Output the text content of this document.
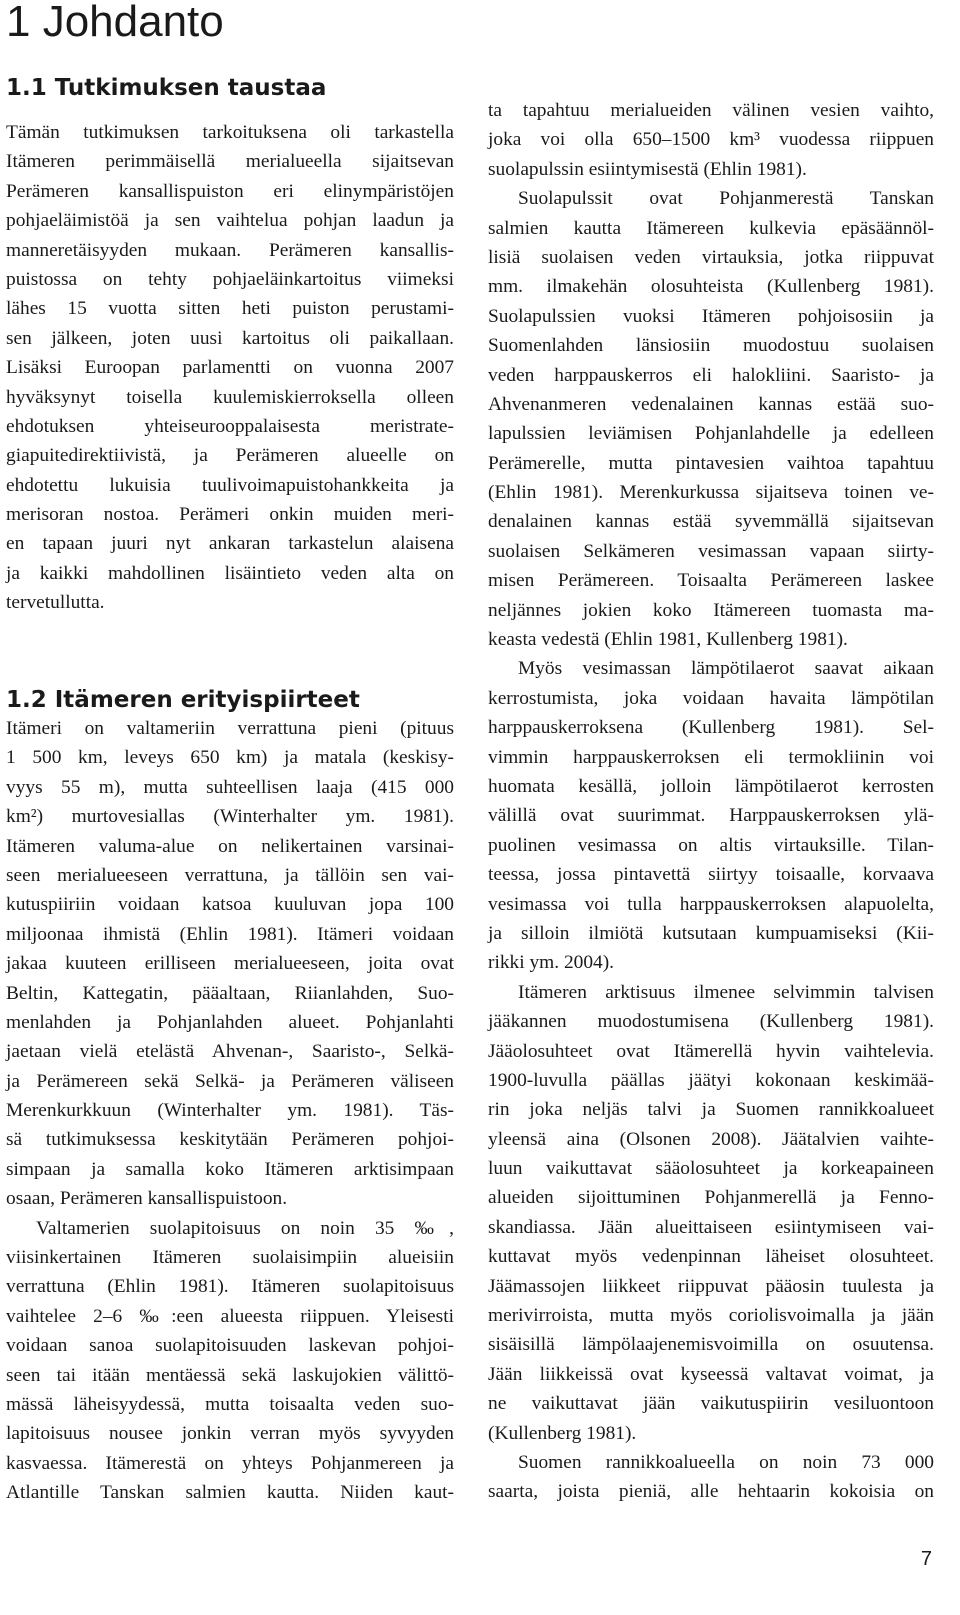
1 Johdanto
1.1 Tutkimuksen taustaa
Tämän tutkimuksen tarkoituksena oli tarkastella
Itämeren perimmäisellä merialueella sijaitsevan
Perämeren kansallispuiston eri elinympäristöjen
pohjaeläimistöä ja sen vaihtelua pohjan laadun ja
manneretäisyyden mukaan. Perämeren kansallis-
puistossa on tehty pohjaeläinkartoitus viimeksi
lähes 15 vuotta sitten heti puiston perustami-
sen jälkeen, joten uusi kartoitus oli paikallaan.
Lisäksi Euroopan parlamentti on vuonna 2007
hyväksynyt toisella kuulemiskierroksella olleen
ehdotuksen yhteiseurooppalaisesta meristrate-
giapuitedirektiivistä, ja Perämeren alueelle on
ehdotettu lukuisia tuulivoimapuistohankkeita ja
merisoran nostoa. Perämeri onkin muiden meri-
en tapaan juuri nyt ankaran tarkastelun alaisena
ja kaikki mahdollinen lisäintieto veden alta on
tervetullutta.
1.2 Itämeren erityispiirteet
Itämeri on valtameriin verrattuna pieni (pituus
1 500 km, leveys 650 km) ja matala (keskisy-
vyys 55 m), mutta suhteellisen laaja (415 000
km²) murtovesiallas (Winterhalter ym. 1981).
Itämeren valuma-alue on nelikertainen varsinai-
seen merialueeseen verrattuna, ja tällöin sen vai-
kutuspiiriin voidaan katsoa kuuluvan jopa 100
miljoonaa ihmistä (Ehlin 1981). Itämeri voidaan
jakaa kuuteen erilliseen merialueeseen, joita ovat
Beltin, Kattegatin, pääaltaan, Riianlahden, Suo-
menlahden ja Pohjanlahden alueet. Pohjanlahti
jaetaan vielä etelästä Ahvenan-, Saaristo-, Selkä-
ja Perämereen sekä Selkä- ja Perämeren väliseen
Merenkurkkuun (Winterhalter ym. 1981). Täs-
sä tutkimuksessa keskitytään Perämeren pohjoi-
simpaan ja samalla koko Itämeren arktisimpaan
osaan, Perämeren kansallispuistoon.
Valtamerien suolapitoisuus on noin 35 ‰,
viisinkertainen Itämeren suolaisimpiin alueisiin
verrattuna (Ehlin 1981). Itämeren suolapitoisuus
vaihtelee 2–6 ‰:een alueesta riippuen. Yleisesti
voidaan sanoa suolapitoisuuden laskevan pohjoi-
seen tai itään mentäessä sekä laskujokien välittö-
mässä läheisyydessä, mutta toisaalta veden suo-
lapitoisuus nousee jonkin verran myös syvyyden
kasvaessa. Itämerestä on yhteys Pohjanmereen ja
Atlantille Tanskan salmien kautta. Niiden kaut-
ta tapahtuu merialueiden välinen vesien vaihto,
joka voi olla 650–1500 km³ vuodessa riippuen
suolapulssin esiintymisestä (Ehlin 1981).
Suolapulssit ovat Pohjanmerestä Tanskan
salmien kautta Itämereen kulkevia epäsäännöl-
lisiä suolaisen veden virtauksia, jotka riippuvat
mm. ilmakehän olosuhteista (Kullenberg 1981).
Suolapulssien vuoksi Itämeren pohjoisosiin ja
Suomenlahden länsiosiin muodostuu suolaisen
veden harppauskerros eli halokliini. Saaristo- ja
Ahvenanmeren vedenalainen kannas estää suo-
lapulssien leviämisen Pohjanlahdelle ja edelleen
Perämerelle, mutta pintavesien vaihtoa tapahtuu
(Ehlin 1981). Merenkurkussa sijaitseva toinen ve-
denalainen kannas estää syvemmällä sijaitsevan
suolaisen Selkämeren vesimassan vapaan siirty-
misen Perämereen. Toisaalta Perämereen laskee
neljännes jokien koko Itämereen tuomasta ma-
keasta vedestä (Ehlin 1981, Kullenberg 1981).
Myös vesimassan lämpötilaerot saavat aikaan
kerrostumista, joka voidaan havaita lämpötilan
harppauskerroksena (Kullenberg 1981). Sel-
vimmin harppauskerroksen eli termokliinin voi
huomata kesällä, jolloin lämpötilaerot kerrosten
välillä ovat suurimmat. Harppauskerroksen ylä-
puolinen vesimassa on altis virtauksille. Tilan-
teessa, jossa pintavettä siirtyy toisaalle, korvaava
vesimassa voi tulla harppauskerroksen alapuolelta,
ja silloin ilmiötä kutsutaan kumpuamiseksi (Kii-
rikki ym. 2004).
Itämeren arktisuus ilmenee selvimmin talvisen
jääkannen muodostumisena (Kullenberg 1981).
Jääolosuhteet ovat Itämerellä hyvin vaihtelevia.
1900-luvulla päällas jäätyi kokonaan keskimää-
rin joka neljäs talvi ja Suomen rannikkoalueet
yleensä aina (Olsonen 2008). Jäätalvien vaihte-
luun vaikuttavat sääolosuhteet ja korkeapaineen
alueiden sijoittuminen Pohjanmerellä ja Fenno-
skandiassa. Jään alueittaiseen esiintymiseen vai-
kuttavat myös vedenpinnan läheiset olosuhteet.
Jäämassojen liikkeet riippuvat pääosin tuulesta ja
merivirroista, mutta myös coriolisvoimalla ja jään
sisäisillä lämpölaajenemisvoimilla on osuutensa.
Jään liikkeissä ovat kyseessä valtavat voimat, ja
ne vaikuttavat jään vaikutuspiirin vesiluontoon
(Kullenberg 1981).
Suomen rannikkoalueella on noin 73 000
saarta, joista pieniä, alle hehtaarin kokoisia on
7
